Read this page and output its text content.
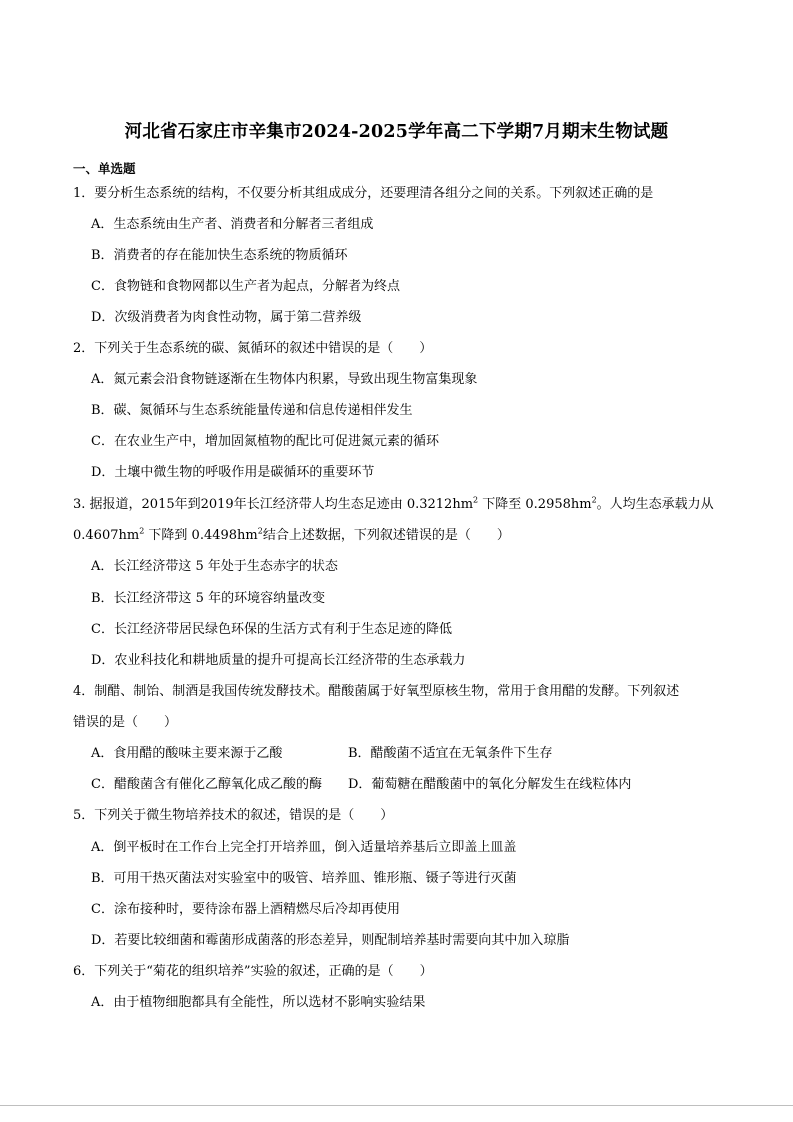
河北省石家庄市辛集市2024-2025学年高二下学期7月期末生物试题
一、单选题
1．要分析生态系统的结构，不仅要分析其组成成分，还要理清各组分之间的关系。下列叙述正确的是
A．生态系统由生产者、消费者和分解者三者组成
B．消费者的存在能加快生态系统的物质循环
C．食物链和食物网都以生产者为起点，分解者为终点
D．次级消费者为肉食性动物，属于第二营养级
2．下列关于生态系统的碳、氮循环的叙述中错误的是（　　）
A．氮元素会沿食物链逐渐在生物体内积累，导致出现生物富集现象
B．碳、氮循环与生态系统能量传递和信息传递相伴发生
C．在农业生产中，增加固氮植物的配比可促进氮元素的循环
D．土壤中微生物的呼吸作用是碳循环的重要环节
3. 据报道，2015年到2019年长江经济带人均生态足迹由 $0.3212hm^2$ 下降至 $0.2958hm^2$。人均生态承载力从
$0.4607hm^2$ 下降到 $0.4498hm^2$结合上述数据，下列叙述错误的是（　　）
A．长江经济带这 5 年处于生态赤字的状态
B．长江经济带这 5 年的环境容纳量改变
C．长江经济带居民绿色环保的生活方式有利于生态足迹的降低
D．农业科技化和耕地质量的提升可提高长江经济带的生态承载力
4．制醋、制饴、制酒是我国传统发酵技术。醋酸菌属于好氧型原核生物，常用于食用醋的发酵。下列叙述
错误的是（　　）
A．食用醋的酸味主要来源于乙酸	B．醋酸菌不适宜在无氧条件下生存
C．醋酸菌含有催化乙醇氧化成乙酸的酶 D．葡萄糖在醋酸菌中的氧化分解发生在线粒体内
5．下列关于微生物培养技术的叙述，错误的是（　　）
A．倒平板时在工作台上完全打开培养皿，倒入适量培养基后立即盖上皿盖
B．可用干热灭菌法对实验室中的吸管、培养皿、锥形瓶、镊子等进行灭菌
C．涂布接种时，要待涂布器上酒精燃尽后冷却再使用
D．若要比较细菌和霉菌形成菌落的形态差异，则配制培养基时需要向其中加入琼脂
6．下列关于“菊花的组织培养”实验的叙述，正确的是（　　）
A．由于植物细胞都具有全能性，所以选材不影响实验结果
